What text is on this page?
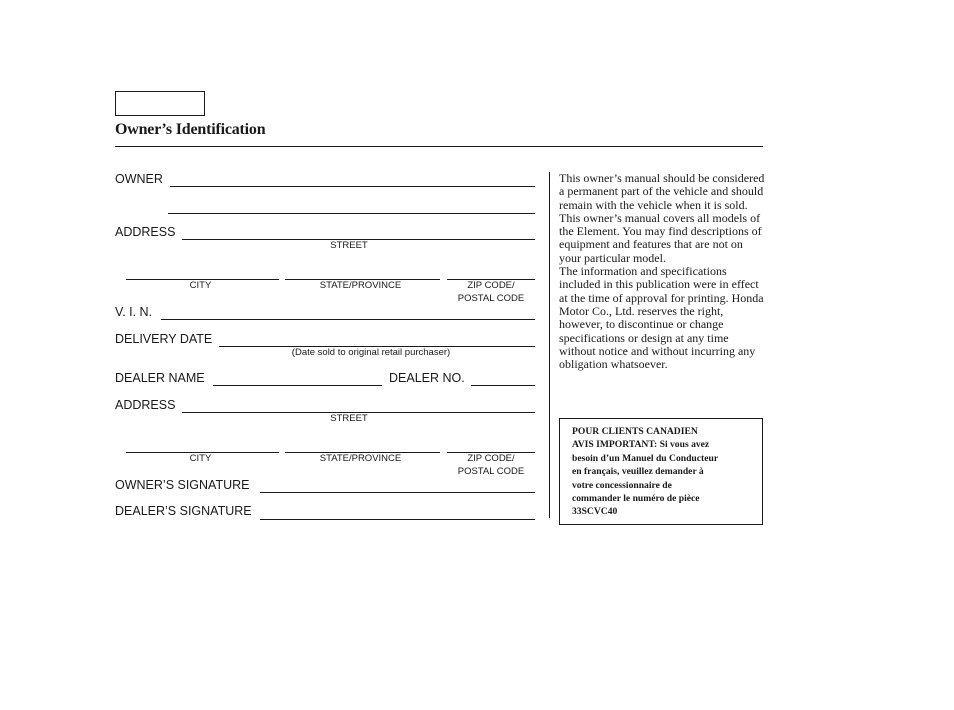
Owner’s Identification
OWNER
ADDRESS
STREET
CITY	STATE/PROVINCE	ZIP CODE/
POSTAL CODE
V. I. N.
DELIVERY DATE
(Date sold to original retail purchaser)
DEALER NAME	DEALER NO.
ADDRESS
STREET
CITY	STATE/PROVINCE	ZIP CODE/
POSTAL CODE
OWNER’S SIGNATURE
DEALER’S SIGNATURE

This owner’s manual should be considered a permanent part of the vehicle and should remain with the vehicle when it is sold.

This owner’s manual covers all models of the Element. You may find descriptions of equipment and features that are not on your particular model.

The information and specifications included in this publication were in effect at the time of approval for printing. Honda Motor Co., Ltd. reserves the right, however, to discontinue or change specifications or design at any time without notice and without incurring any obligation whatsoever.

POUR CLIENTS CANADIEN
AVIS IMPORTANT: Si vous avez
besoin d’un Manuel du Conducteur
en français, veuillez demander à
votre concessionnaire de
commander le numéro de pièce
33SCVC40
